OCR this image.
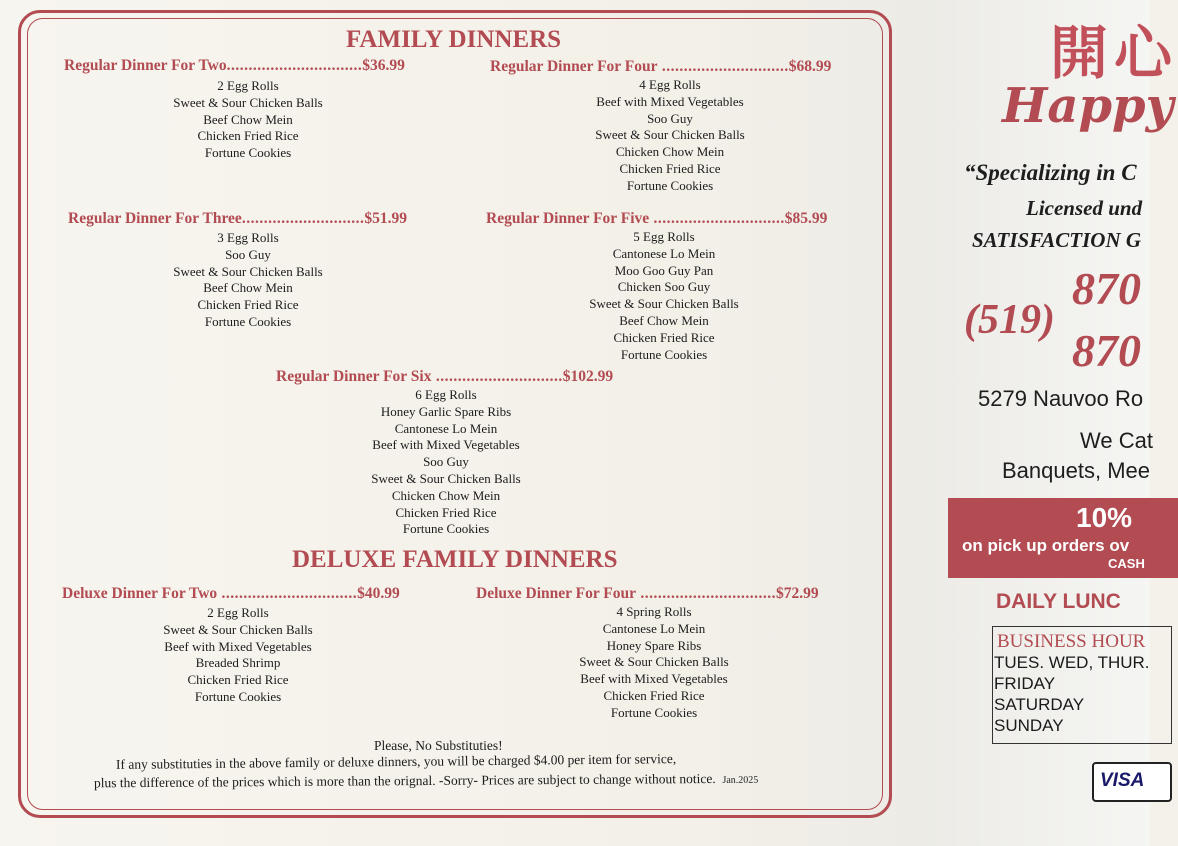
FAMILY DINNERS
Regular Dinner For Two...............................$36.99
2 Egg Rolls
Sweet & Sour Chicken Balls
Beef Chow Mein
Chicken Fried Rice
Fortune Cookies
Regular Dinner For Four .............................$68.99
4 Egg Rolls
Beef with Mixed Vegetables
Soo Guy
Sweet & Sour Chicken Balls
Chicken Chow Mein
Chicken Fried Rice
Fortune Cookies
Regular Dinner For Three............................$51.99
3 Egg Rolls
Soo Guy
Sweet & Sour Chicken Balls
Beef Chow Mein
Chicken Fried Rice
Fortune Cookies
Regular Dinner For Five ..............................$85.99
5 Egg Rolls
Cantonese Lo Mein
Moo Goo Guy Pan
Chicken Soo Guy
Sweet & Sour Chicken Balls
Beef Chow Mein
Chicken Fried Rice
Fortune Cookies
Regular Dinner For Six .............................$102.99
6 Egg Rolls
Honey Garlic Spare Ribs
Cantonese Lo Mein
Beef with Mixed Vegetables
Soo Guy
Sweet & Sour Chicken Balls
Chicken Chow Mein
Chicken Fried Rice
Fortune Cookies
DELUXE FAMILY DINNERS
Deluxe Dinner For Two ...............................$40.99
2 Egg Rolls
Sweet & Sour Chicken Balls
Beef with Mixed Vegetables
Breaded Shrimp
Chicken Fried Rice
Fortune Cookies
Deluxe Dinner For Four ...............................$72.99
4 Spring Rolls
Cantonese Lo Mein
Honey Spare Ribs
Sweet & Sour Chicken Balls
Beef with Mixed Vegetables
Chicken Fried Rice
Fortune Cookies
Please, No Substituties!
If any substituties in the above family or deluxe dinners, you will be charged $4.00 per item for service,
plus the difference of the prices which is more than the orignal. -Sorry- Prices are subject to change without notice. Jan.2025
開心
Happy
“Specializing in C
Licensed und
SATISFACTION G
(519)
870
870
5279 Nauvoo Ro
We Cat
Banquets, Mee
10%
on pick up orders ov
CASH
DAILY LUNC
BUSINESS HOUR
TUES. WED, THUR.
FRIDAY
SATURDAY
SUNDAY
VISA
